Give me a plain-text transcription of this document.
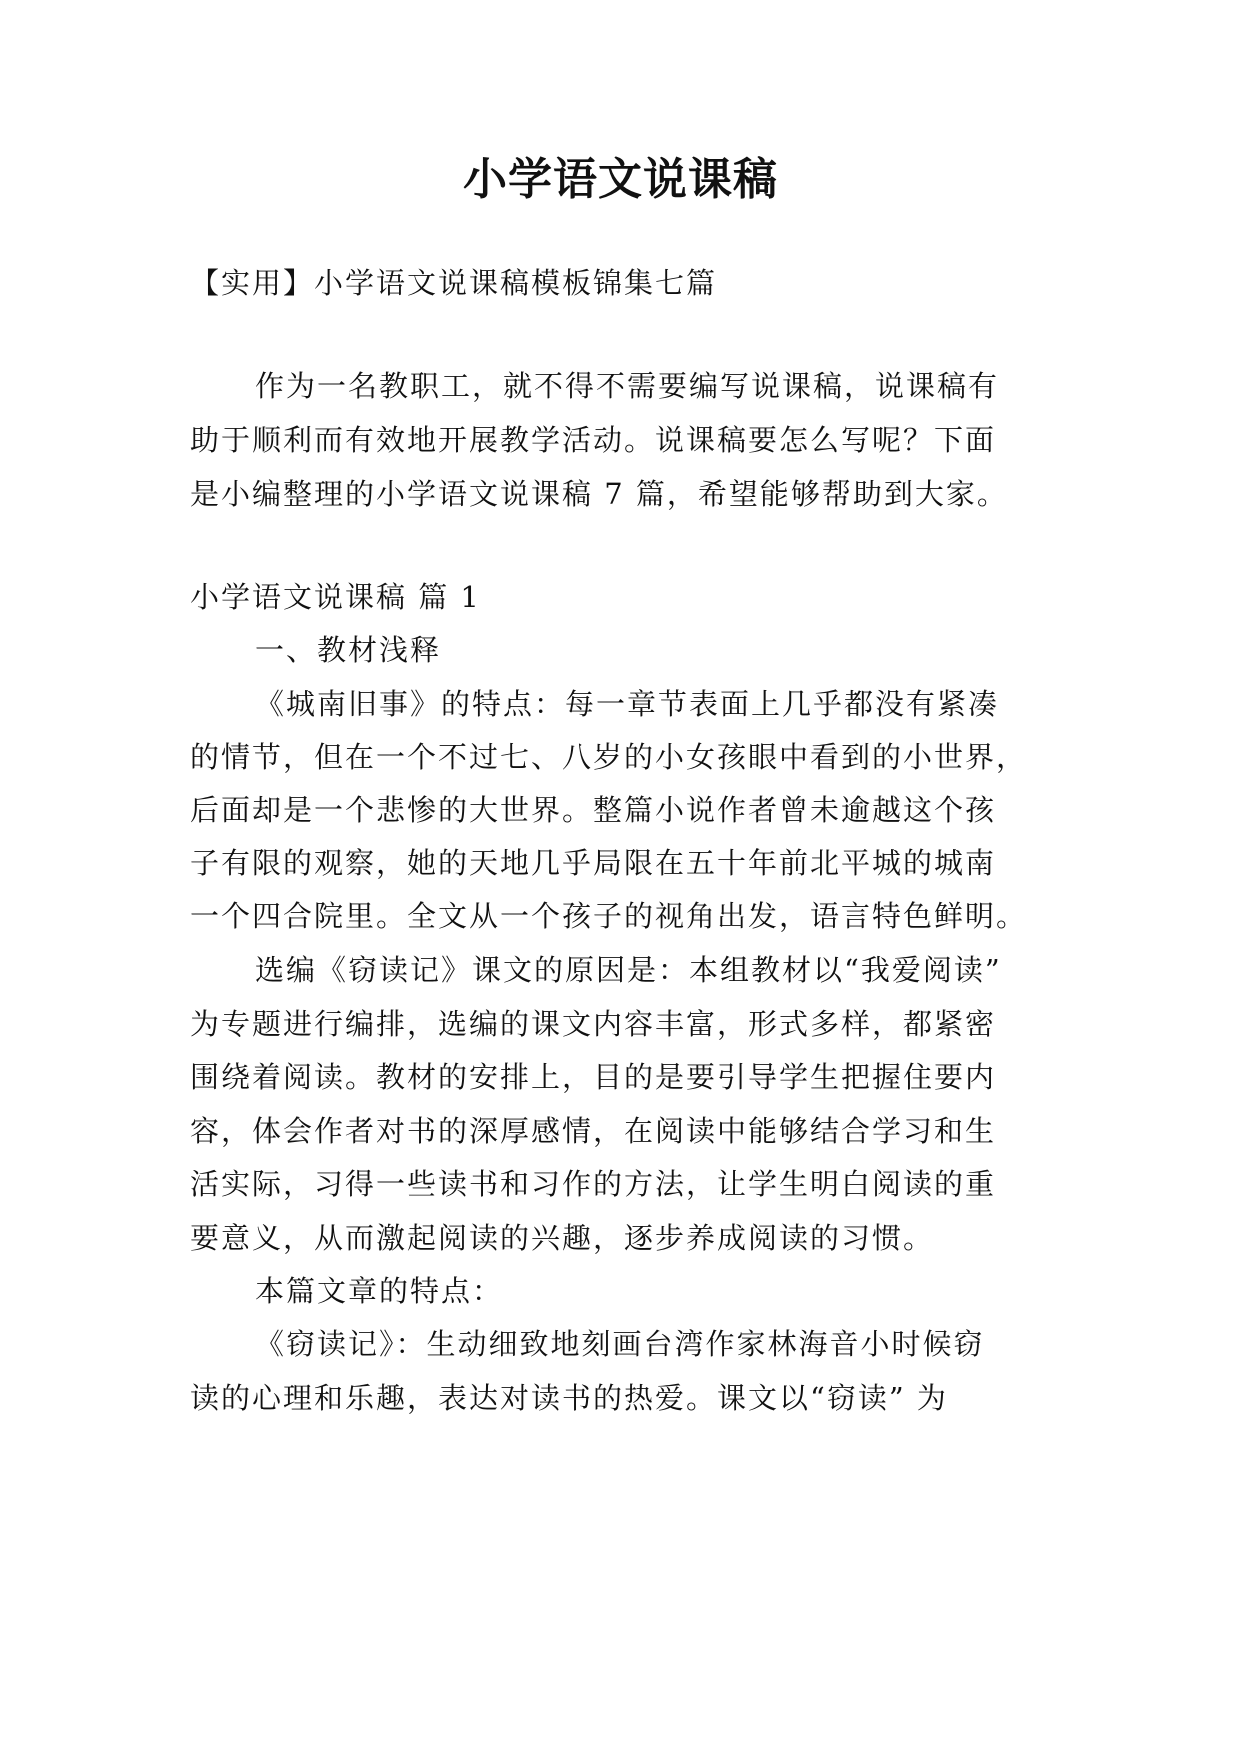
小学语文说课稿
【实用】小学语文说课稿模板锦集七篇
作为一名教职工，就不得不需要编写说课稿，说课稿有
助于顺利而有效地开展教学活动。说课稿要怎么写呢？下面
是小编整理的小学语文说课稿 7 篇，希望能够帮助到大家。
小学语文说课稿 篇 1
一、教材浅释
《城南旧事》的特点：每一章节表面上几乎都没有紧凑
的情节，但在一个不过七、八岁的小女孩眼中看到的小世界，
后面却是一个悲惨的大世界。整篇小说作者曾未逾越这个孩
子有限的观察，她的天地几乎局限在五十年前北平城的城南
一个四合院里。全文从一个孩子的视角出发，语言特色鲜明。
选编《窃读记》课文的原因是：本组教材以“我爱阅读”
为专题进行编排，选编的课文内容丰富，形式多样，都紧密
围绕着阅读。教材的安排上，目的是要引导学生把握住要内
容，体会作者对书的深厚感情，在阅读中能够结合学习和生
活实际，习得一些读书和习作的方法，让学生明白阅读的重
要意义，从而激起阅读的兴趣，逐步养成阅读的习惯。
本篇文章的特点：
《窃读记》：生动细致地刻画台湾作家林海音小时候窃
读的心理和乐趣，表达对读书的热爱。课文以“窃读” 为
